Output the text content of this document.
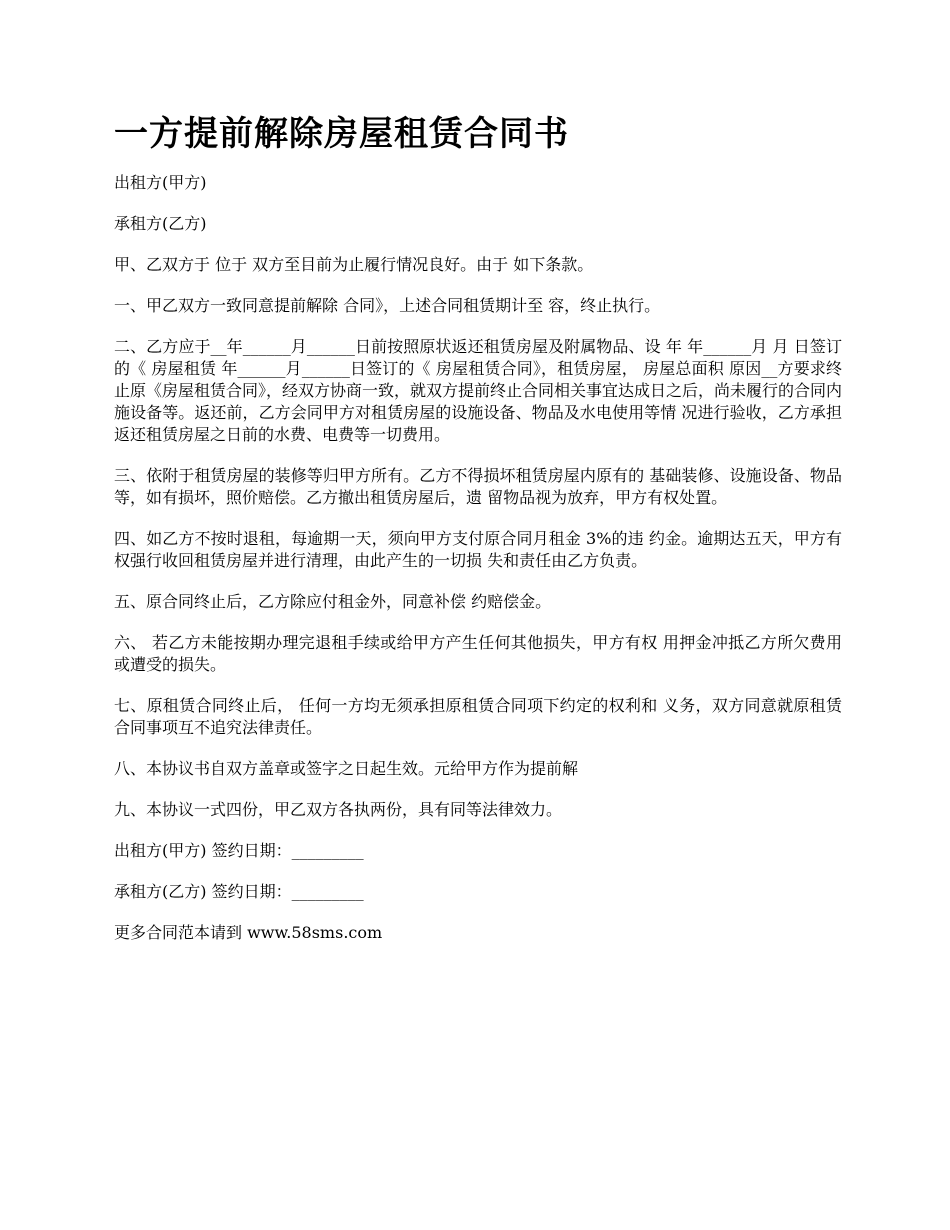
一方提前解除房屋租赁合同书

出租方(甲方)

承租方(乙方)

甲、乙双方于 位于 双方至目前为止履行情况良好。由于 如下条款。

一、甲乙双方一致同意提前解除 合同》，上述合同租赁期计至 容，终止执行。

二、乙方应于__年______月______日前按照原状返还租赁房屋及附属物品、设 年 年______月 月 日签订的《 房屋租赁 年______月______日签订的《 房屋租赁合同》，租赁房屋， 房屋总面积 原因__方要求终止原《房屋租赁合同》，经双方协商一致，就双方提前终止合同相关事宜达成日之后，尚未履行的合同内施设备等。返还前，乙方会同甲方对租赁房屋的设施设备、物品及水电使用等情 况进行验收，乙方承担返还租赁房屋之日前的水费、电费等一切费用。

三、依附于租赁房屋的装修等归甲方所有。乙方不得损坏租赁房屋内原有的 基础装修、设施设备、物品等，如有损坏，照价赔偿。乙方撤出租赁房屋后，遗 留物品视为放弃，甲方有权处置。

四、如乙方不按时退租，每逾期一天，须向甲方支付原合同月租金 3%的违 约金。逾期达五天，甲方有权强行收回租赁房屋并进行清理，由此产生的一切损 失和责任由乙方负责。

五、原合同终止后，乙方除应付租金外，同意补偿 约赔偿金。

六、 若乙方未能按期办理完退租手续或给甲方产生任何其他损失，甲方有权 用押金冲抵乙方所欠费用或遭受的损失。

七、原租赁合同终止后， 任何一方均无须承担原租赁合同项下约定的权利和 义务，双方同意就原租赁合同事项互不追究法律责任。

八、本协议书自双方盖章或签字之日起生效。元给甲方作为提前解

九、本协议一式四份，甲乙双方各执两份，具有同等法律效力。

出租方(甲方) 签约日期：_________

承租方(乙方) 签约日期：_________

更多合同范本请到 www.58sms.com
